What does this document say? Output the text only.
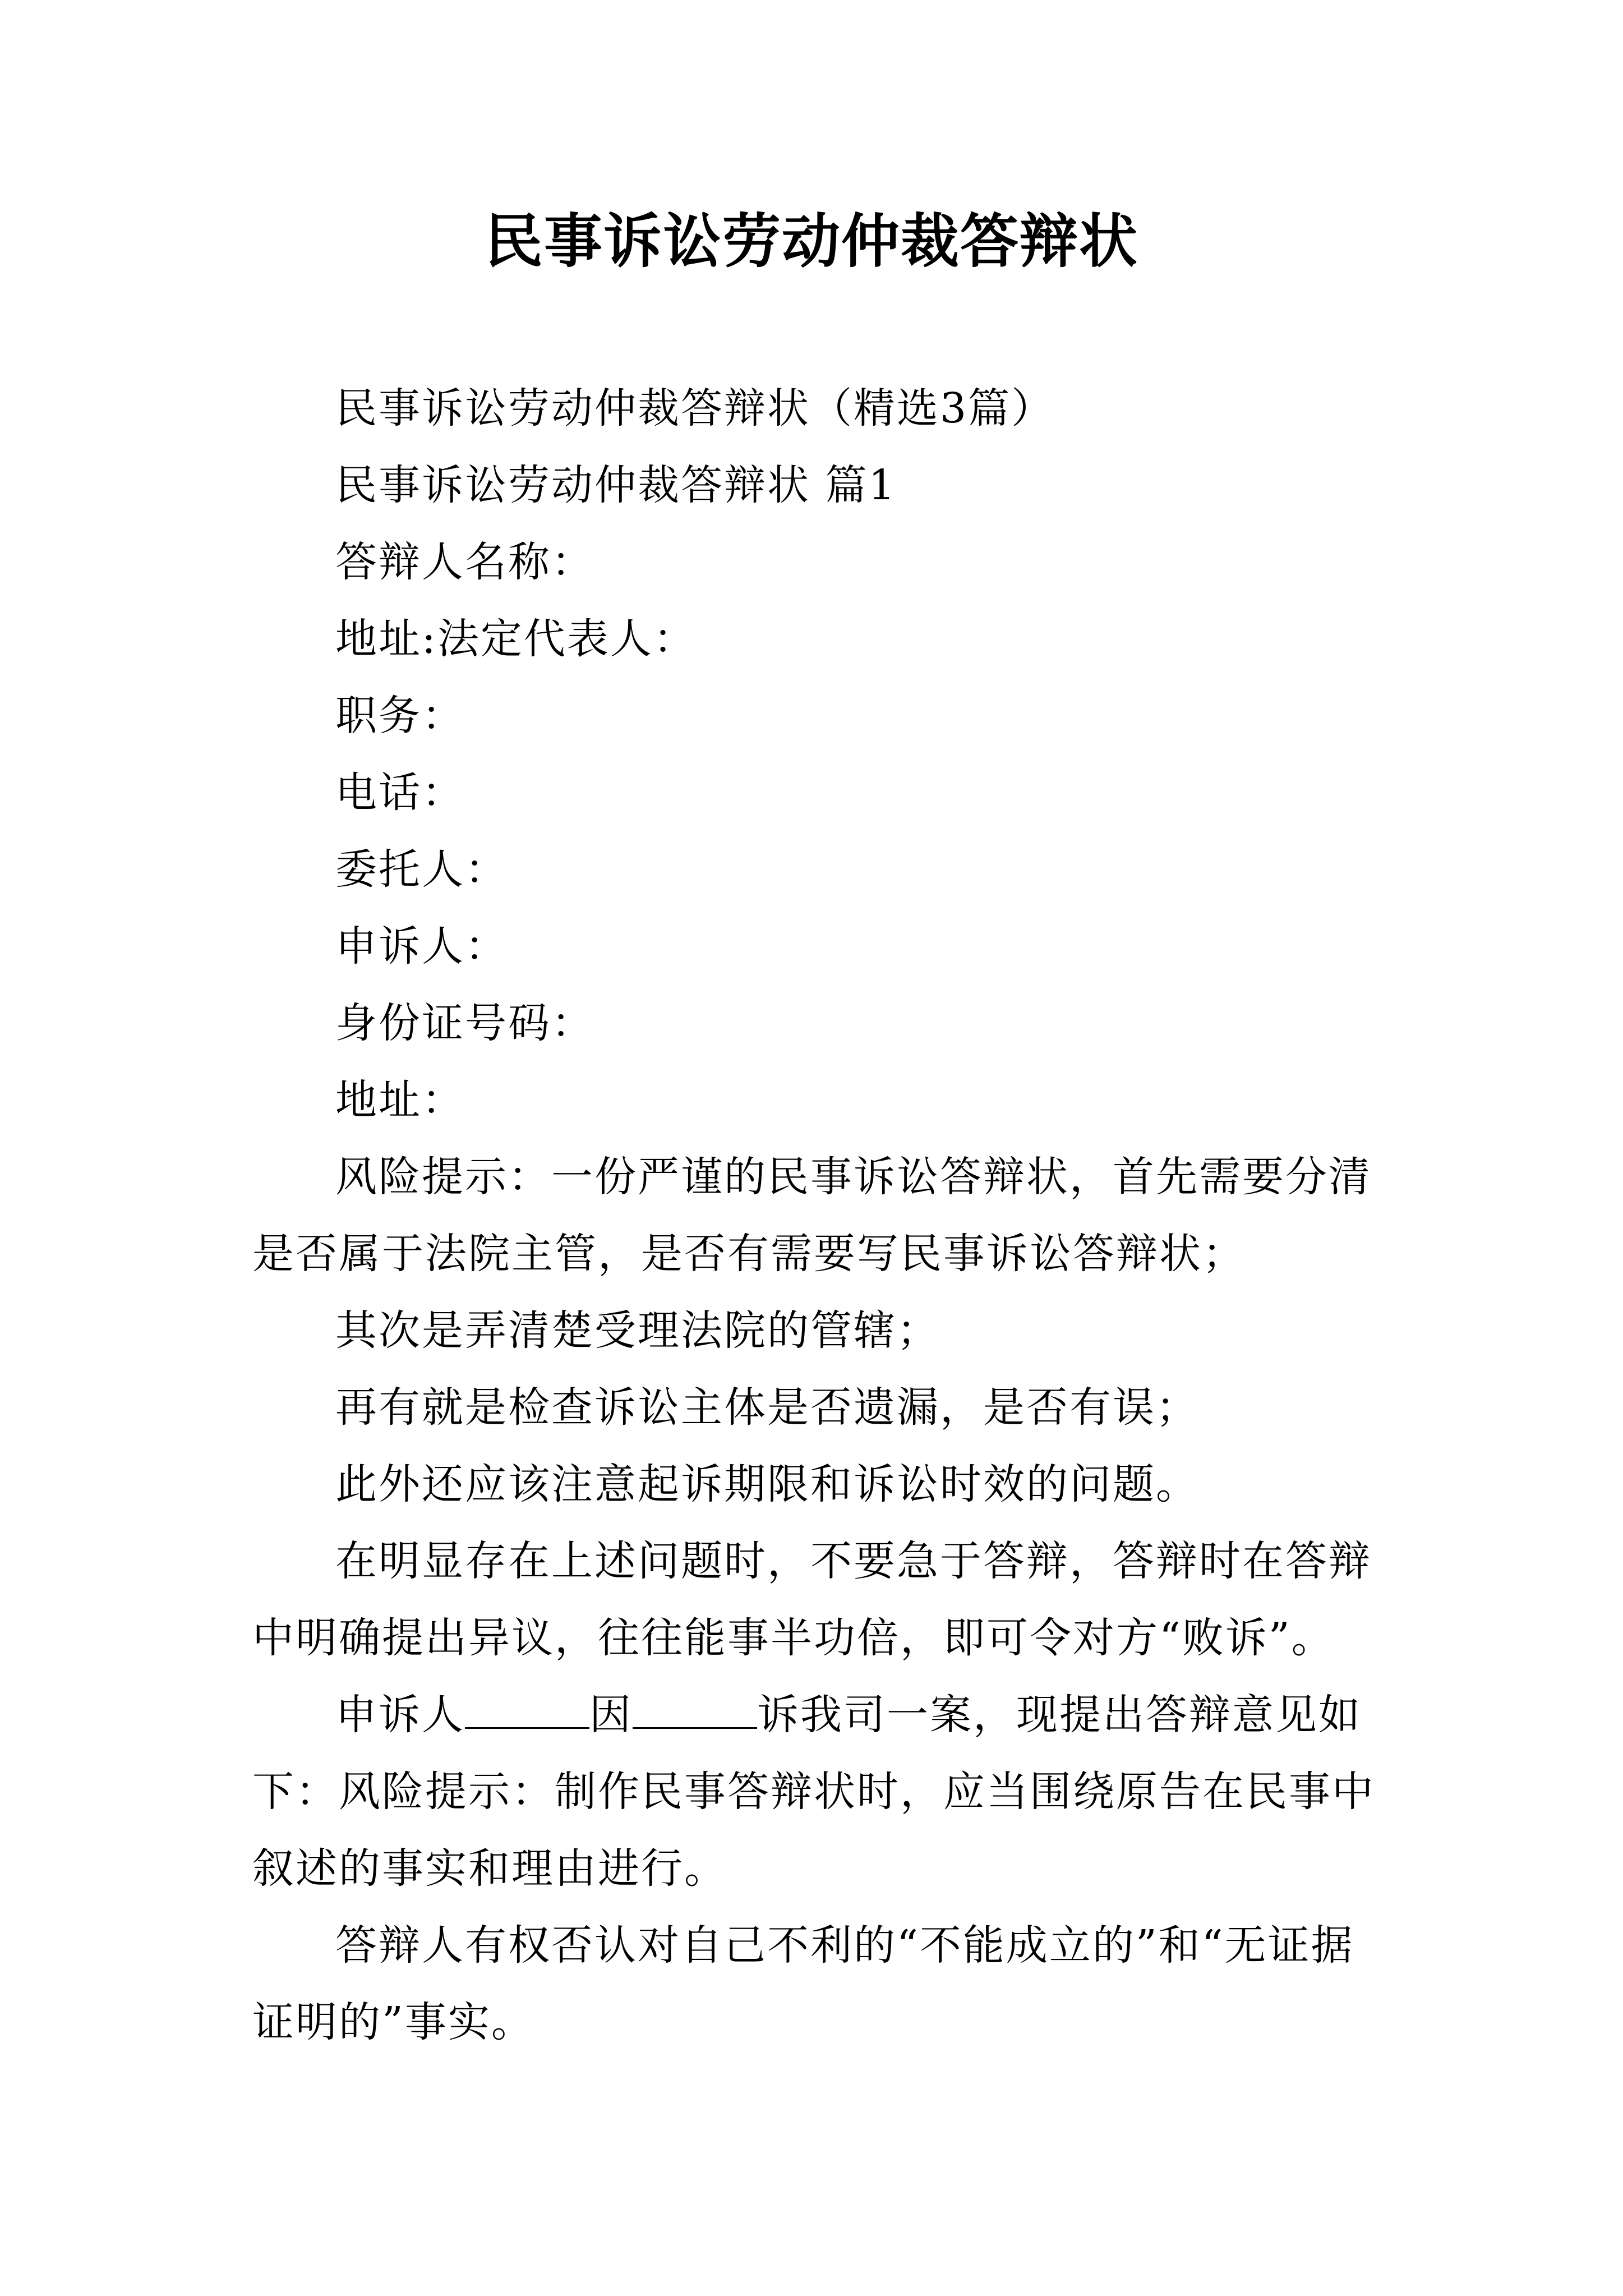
民事诉讼劳动仲裁答辩状

民事诉讼劳动仲裁答辩状（精选3篇）

民事诉讼劳动仲裁答辩状 篇1

答辩人名称：

地址:法定代表人：

职务：

电话：

委托人：

申诉人：

身份证号码：

地址：

风险提示：一份严谨的民事诉讼答辩状，首先需要分清是否属于法院主管，是否有需要写民事诉讼答辩状；

其次是弄清楚受理法院的管辖；

再有就是检查诉讼主体是否遗漏，是否有误；

此外还应该注意起诉期限和诉讼时效的问题。

在明显存在上述问题时，不要急于答辩，答辩时在答辩中明确提出异议，往往能事半功倍，即可令对方“败诉”。

申诉人	因	诉我司一案，现提出答辩意见如下：风险提示：制作民事答辩状时，应当围绕原告在民事中叙述的事实和理由进行。

答辩人有权否认对自己不利的“不能成立的”和“无证据证明的”事实。
